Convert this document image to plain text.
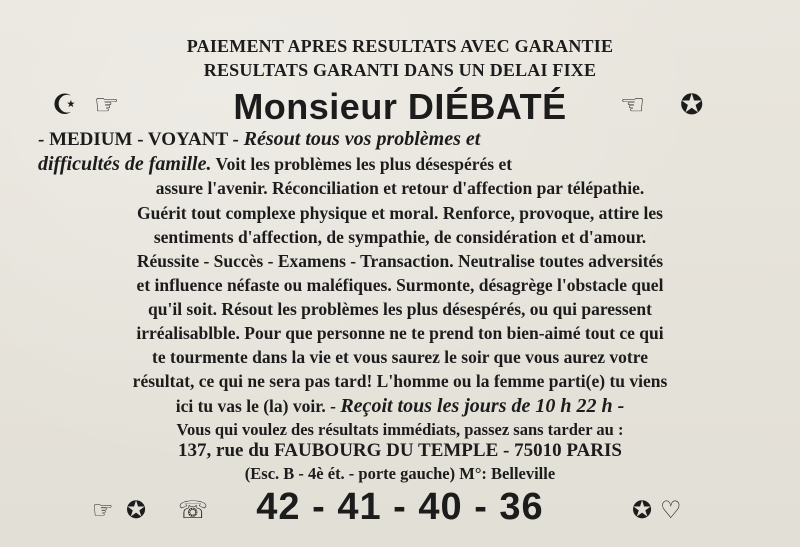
PAIEMENT APRES RESULTATS AVEC GARANTIE
RESULTATS GARANTI DANS UN DELAI FIXE
☪ ☞	Monsieur DIÉBATÉ	☜ ✪
- MEDIUM - VOYANT - Résout tous vos problèmes et
difficultés de famille. Voit les problèmes les plus désespérés et
assure l'avenir. Réconciliation et retour d'affection par télépathie.
Guérit tout complexe physique et moral. Renforce, provoque, attire les
sentiments d'affection, de sympathie, de considération et d'amour.
Réussite - Succès - Examens - Transaction. Neutralise toutes adversités
et influence néfaste ou maléfiques. Surmonte, désagrège l'obstacle quel
qu'il soit. Résout les problèmes les plus désespérés, ou qui paressent
irréalisablble. Pour que personne ne te prend ton bien-aimé tout ce qui
te tourmente dans la vie et vous saurez le soir que vous aurez votre
résultat, ce qui ne sera pas tard! L'homme ou la femme parti(e) tu viens
ici tu vas le (la) voir. - Reçoit tous les jours de 10 h 22 h -
Vous qui voulez des résultats immédiats, passez sans tarder au :
137, rue du FAUBOURG DU TEMPLE - 75010 PARIS
(Esc. B - 4è ét. - porte gauche) M°: Belleville
☞ ✪ ☏	42 - 41 - 40 - 36	✪ ♡
